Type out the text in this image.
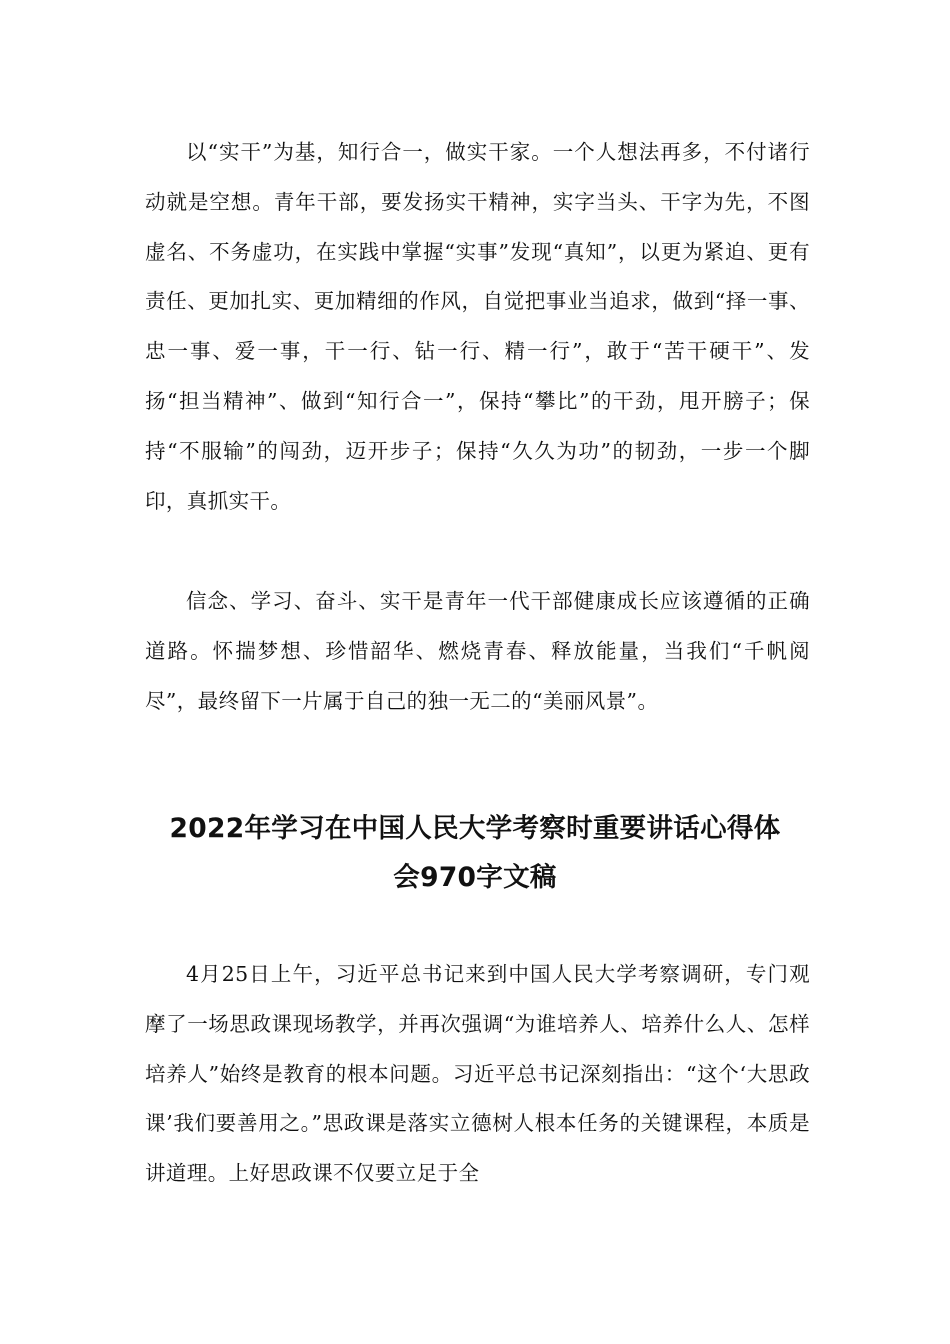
以“实干”为基，知行合一，做实干家。一个人想法再多，不付诸行动就是空想。青年干部，要发扬实干精神，实字当头、干字为先，不图虚名、不务虚功，在实践中掌握“实事”发现“真知”，以更为紧迫、更有责任、更加扎实、更加精细的作风，自觉把事业当追求，做到“择一事、忠一事、爱一事，干一行、钻一行、精一行”，敢于“苦干硬干”、发扬“担当精神”、做到“知行合一”，保持“攀比”的干劲，甩开膀子；保持“不服输”的闯劲，迈开步子；保持“久久为功”的韧劲，一步一个脚印，真抓实干。

信念、学习、奋斗、实干是青年一代干部健康成长应该遵循的正确道路。怀揣梦想、珍惜韶华、燃烧青春、释放能量，当我们“千帆阅尽”，最终留下一片属于自己的独一无二的“美丽风景”。

2022年学习在中国人民大学考察时重要讲话心得体
会970字文稿

4月25日上午，习近平总书记来到中国人民大学考察调研，专门观摩了一场思政课现场教学，并再次强调“为谁培养人、培养什么人、怎样培养人”始终是教育的根本问题。习近平总书记深刻指出：“这个‘大思政课’我们要善用之。”思政课是落实立德树人根本任务的关键课程，本质是讲道理。上好思政课不仅要立足于全
